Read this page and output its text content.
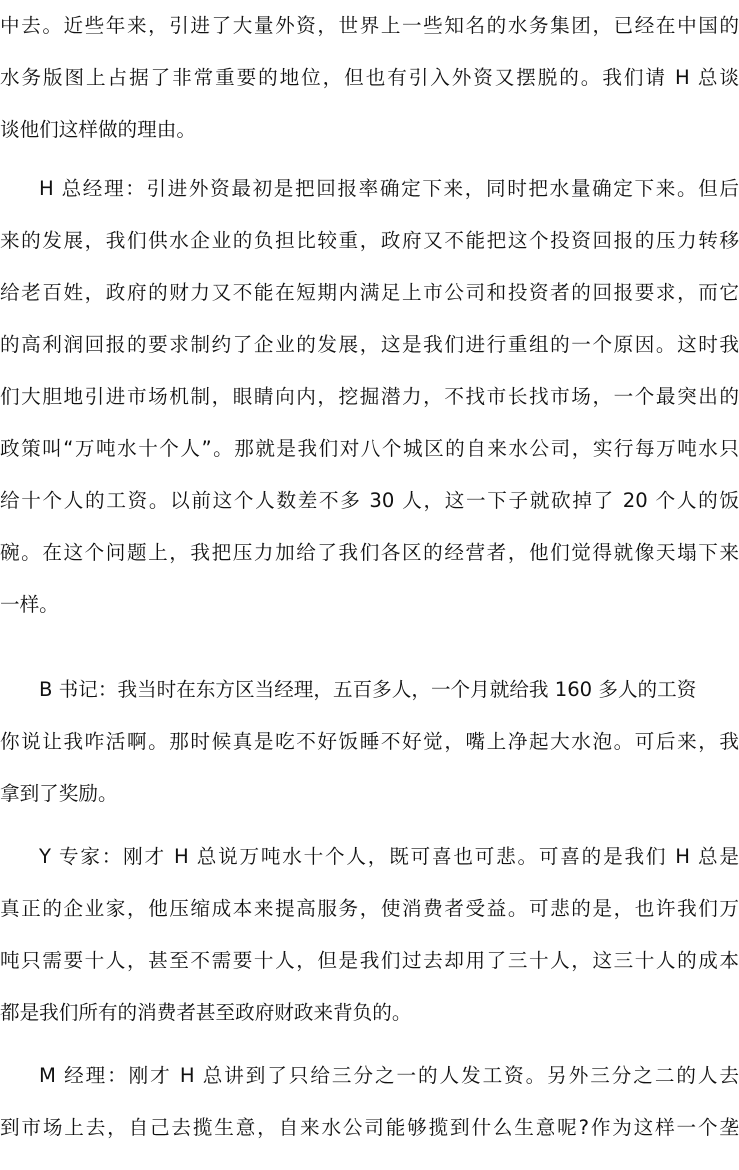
中去。近些年来，引进了大量外资，世界上一些知名的水务集团，已经在中国的
水务版图上占据了非常重要的地位，但也有引入外资又摆脱的。我们请 H 总谈
谈他们这样做的理由。
H 总经理：引进外资最初是把回报率确定下来，同时把水量确定下来。但后
来的发展，我们供水企业的负担比较重，政府又不能把这个投资回报的压力转移
给老百姓，政府的财力又不能在短期内满足上市公司和投资者的回报要求，而它
的高利润回报的要求制约了企业的发展，这是我们进行重组的一个原因。这时我
们大胆地引进市场机制，眼睛向内，挖掘潜力，不找市长找市场，一个最突出的
政策叫“万吨水十个人”。那就是我们对八个城区的自来水公司，实行每万吨水只
给十个人的工资。以前这个人数差不多 30 人，这一下子就砍掉了 20 个人的饭
碗。在这个问题上，我把压力加给了我们各区的经营者，他们觉得就像天塌下来
一样。
B 书记：我当时在东方区当经理，五百多人，一个月就给我 160 多人的工资
你说让我咋活啊。那时候真是吃不好饭睡不好觉，嘴上净起大水泡。可后来，我
拿到了奖励。
Y 专家：刚才 H 总说万吨水十个人，既可喜也可悲。可喜的是我们 H 总是
真正的企业家，他压缩成本来提高服务，使消费者受益。可悲的是，也许我们万
吨只需要十人，甚至不需要十人，但是我们过去却用了三十人，这三十人的成本
都是我们所有的消费者甚至政府财政来背负的。
M 经理：刚才 H 总讲到了只给三分之一的人发工资。另外三分之二的人去
到市场上去，自己去揽生意，自来水公司能够揽到什么生意呢?作为这样一个垄
